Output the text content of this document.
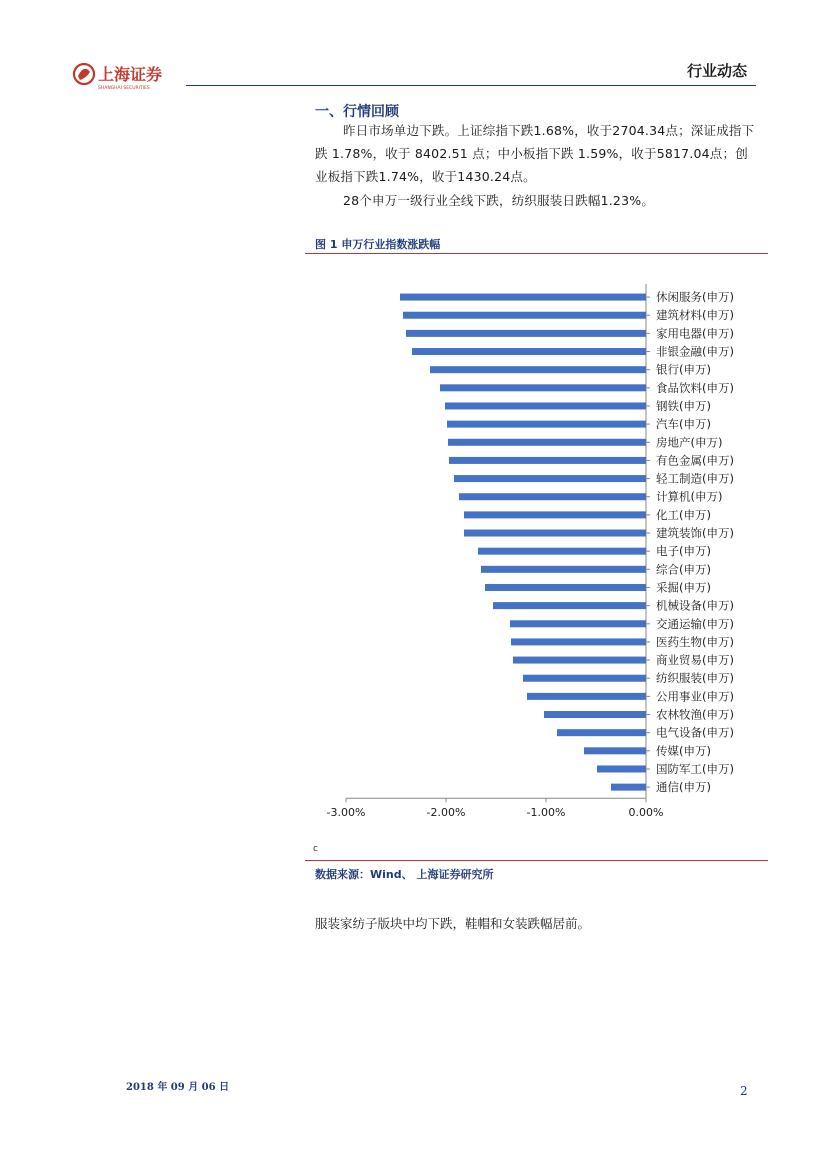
上海证券
SHANGHAI SECURITIES
行业动态
一、行情回顾

昨日市场单边下跌。上证综指下跌1.68%，收于2704.34点；深证成指下跌 1.78%，收于 8402.51 点；中小板指下跌 1.59%，收于5817.04点；创业板指下跌1.74%，收于1430.24点。

28个申万一级行业全线下跌，纺织服装日跌幅1.23%。

图 1 申万行业指数涨跌幅
-3.00%	-2.00%	-1.00%	0.00%
休闲服务(申万)
建筑材料(申万)
家用电器(申万)
非银金融(申万)
银行(申万)
食品饮料(申万)
钢铁(申万)
汽车(申万)
房地产(申万)
有色金属(申万)
轻工制造(申万)
计算机(申万)
化工(申万)
建筑装饰(申万)
电子(申万)
综合(申万)
采掘(申万)
机械设备(申万)
交通运输(申万)
医药生物(申万)
商业贸易(申万)
纺织服装(申万)
公用事业(申万)
农林牧渔(申万)
电气设备(申万)
传媒(申万)
国防军工(申万)
通信(申万)
c
数据来源：Wind、 上海证券研究所

服装家纺子版块中均下跌，鞋帽和女装跌幅居前。

2018 年 09 月 06 日	2
